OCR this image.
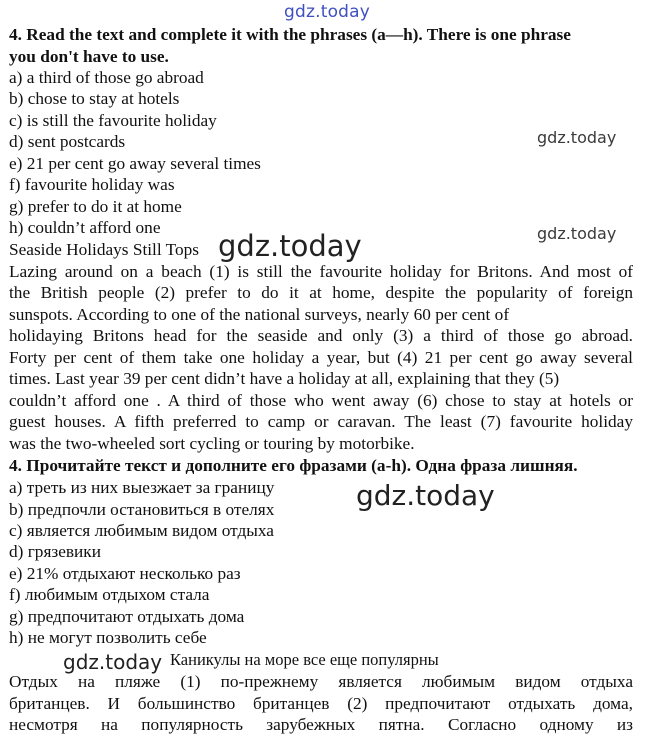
gdz.today
gdz.today
gdz.today
gdz.today
gdz.today
gdz.today
4. Read the text and complete it with the phrases (a—h). There is one phrase
you don't have to use.
a) a third of those go abroad
b) chose to stay at hotels
c) is still the favourite holiday
d) sent postcards
e) 21 per cent go away several times
f) favourite holiday was
g) prefer to do it at home
h) couldn’t afford one
Seaside Holidays Still Tops
Lazing around on a beach (1) is still the favourite holiday for Britons. And most of
the British people (2) prefer to do it at home, despite the popularity of foreign
sunspots. According to one of the national surveys, nearly 60 per cent of
holidaying Britons head for the seaside and only (3) a third of those go abroad.
Forty per cent of them take one holiday a year, but (4) 21 per cent go away several
times. Last year 39 per cent didn’t have a holiday at all, explaining that they (5)
couldn’t afford one . A third of those who went away (6) chose to stay at hotels or
guest houses. A fifth preferred to camp or caravan. The least (7) favourite holiday
was the two-wheeled sort cycling or touring by motorbike.
4. Прочитайте текст и дополните его фразами (a-h). Одна фраза лишняя.
а) треть из них выезжает за границу
b) предпочли остановиться в отелях
c) является любимым видом отдыха
d) грязевики
e) 21% отдыхают несколько раз
f) любимым отдыхом стала
g) предпочитают отдыхать дома
h) не могут позволить себе
Каникулы на море все еще популярны
Отдых на пляже (1) по-прежнему является любимым видом отдыха
британцев. И большинство британцев (2) предпочитают отдыхать дома,
несмотря на популярность зарубежных пятна. Согласно одному из
